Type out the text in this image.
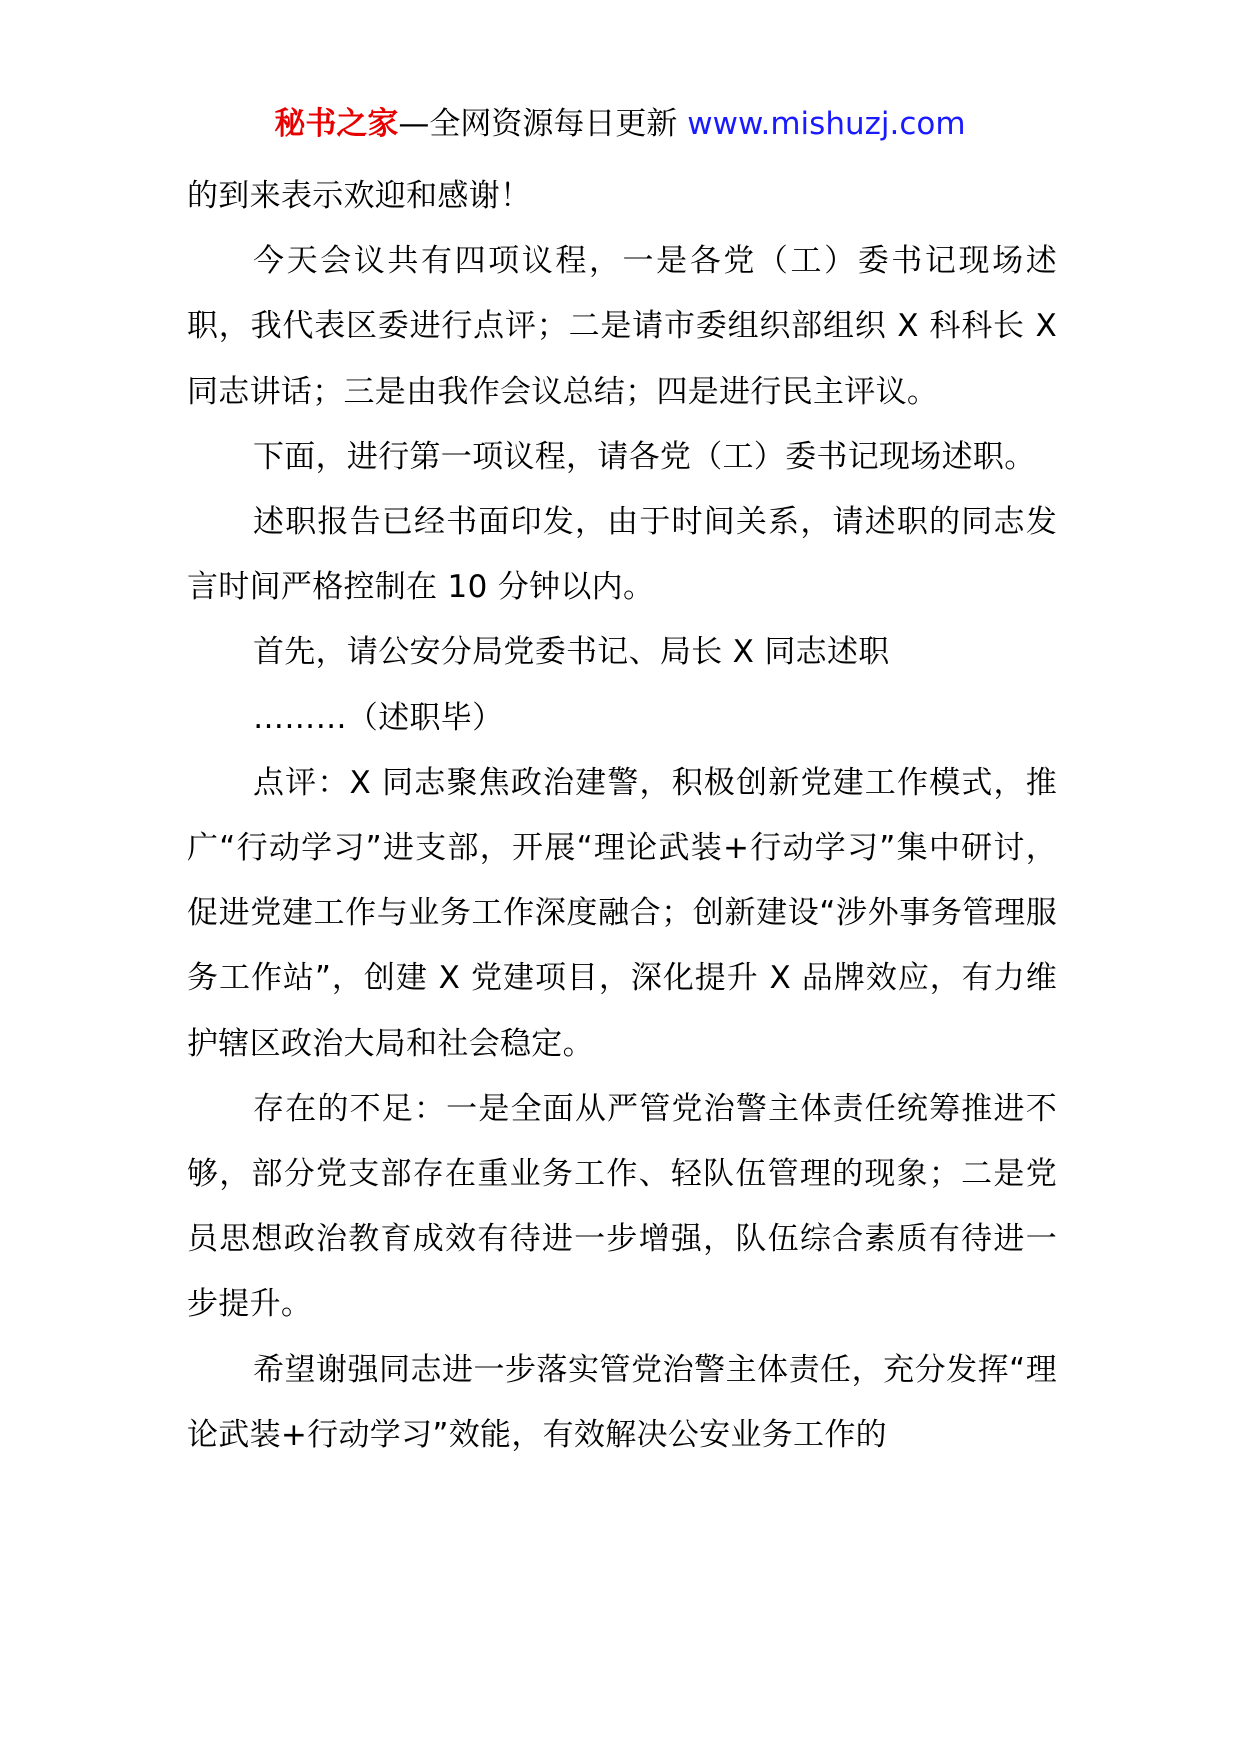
秘书之家—全网资源每日更新 www.mishuzj.com

的到来表示欢迎和感谢！

今天会议共有四项议程，一是各党（工）委书记现场述职，我代表区委进行点评；二是请市委组织部组织 X 科科长 X 同志讲话；三是由我作会议总结；四是进行民主评议。

下面，进行第一项议程，请各党（工）委书记现场述职。

述职报告已经书面印发，由于时间关系，请述职的同志发言时间严格控制在 10 分钟以内。

首先，请公安分局党委书记、局长 X 同志述职

………（述职毕）

点评：X 同志聚焦政治建警，积极创新党建工作模式，推广“行动学习”进支部，开展“理论武装+行动学习”集中研讨，促进党建工作与业务工作深度融合；创新建设“涉外事务管理服务工作站”，创建 X 党建项目，深化提升 X 品牌效应，有力维护辖区政治大局和社会稳定。

存在的不足：一是全面从严管党治警主体责任统筹推进不够，部分党支部存在重业务工作、轻队伍管理的现象；二是党员思想政治教育成效有待进一步增强，队伍综合素质有待进一步提升。

希望谢强同志进一步落实管党治警主体责任，充分发挥“理论武装+行动学习”效能，有效解决公安业务工作的
